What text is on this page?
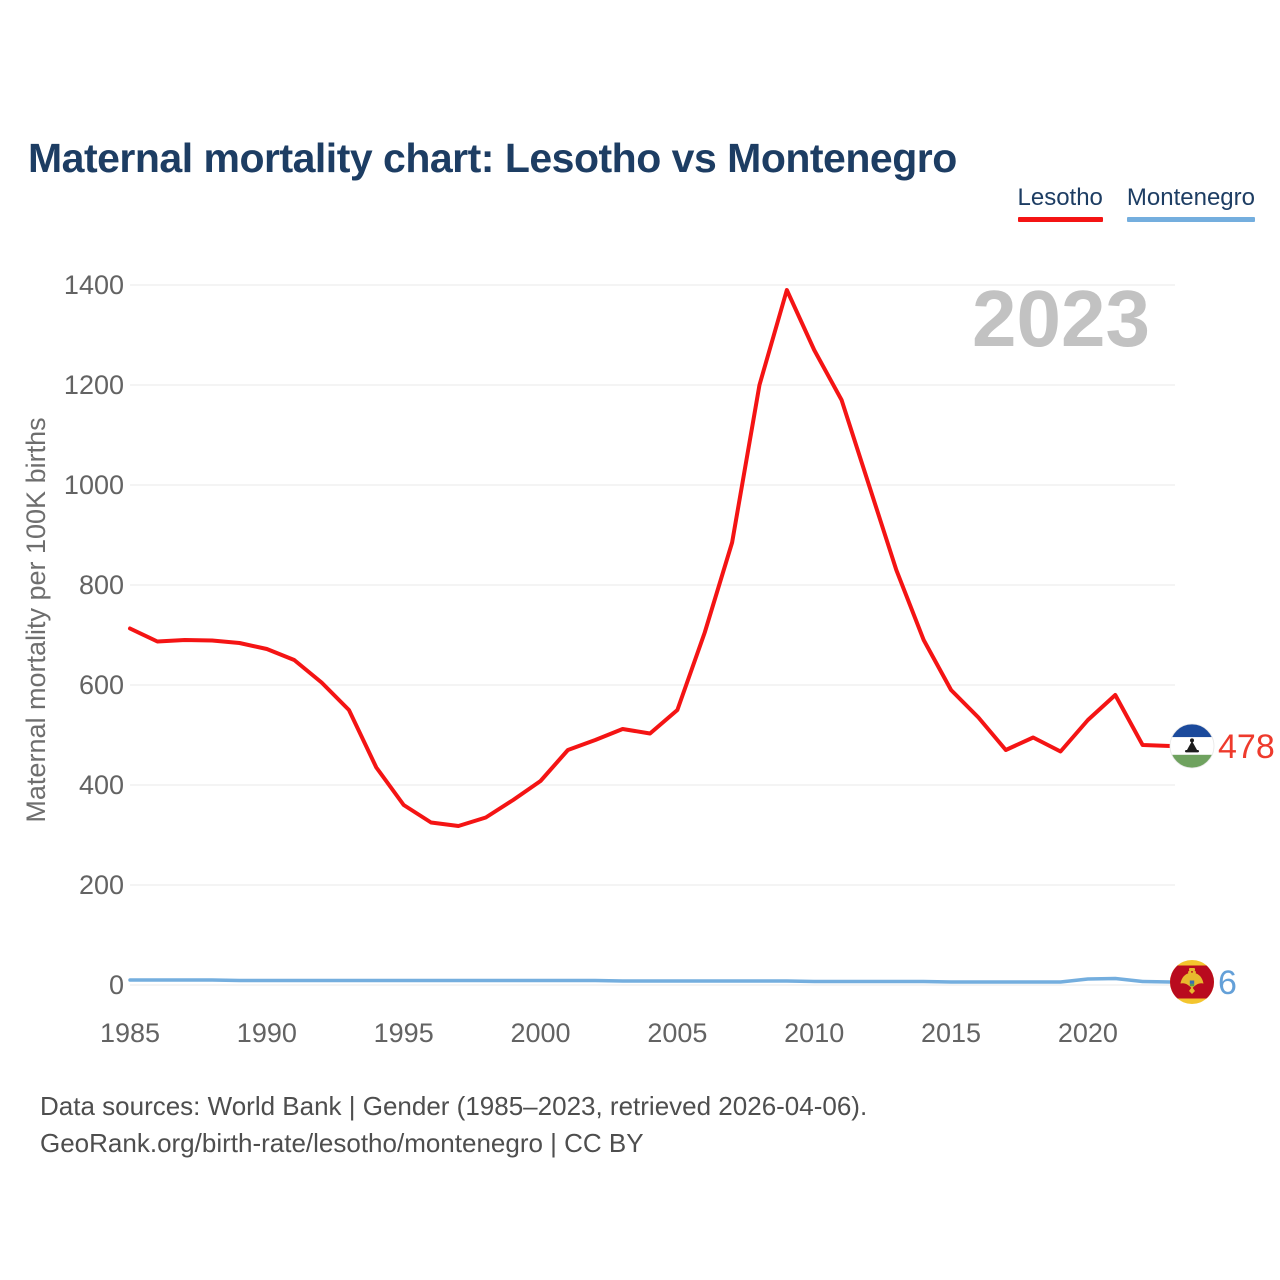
Maternal mortality chart: Lesotho vs Montenegro
Lesotho Montenegro
0
200
400
600
800
1000
1200
1400
1985	1990	1995	2000	2005	2010	2015	2020
Maternal mortality per 100K births
2023
478
6
Data sources: World Bank | Gender (1985–2023, retrieved 2026-04-06).
GeoRank.org/birth-rate/lesotho/montenegro | CC BY
